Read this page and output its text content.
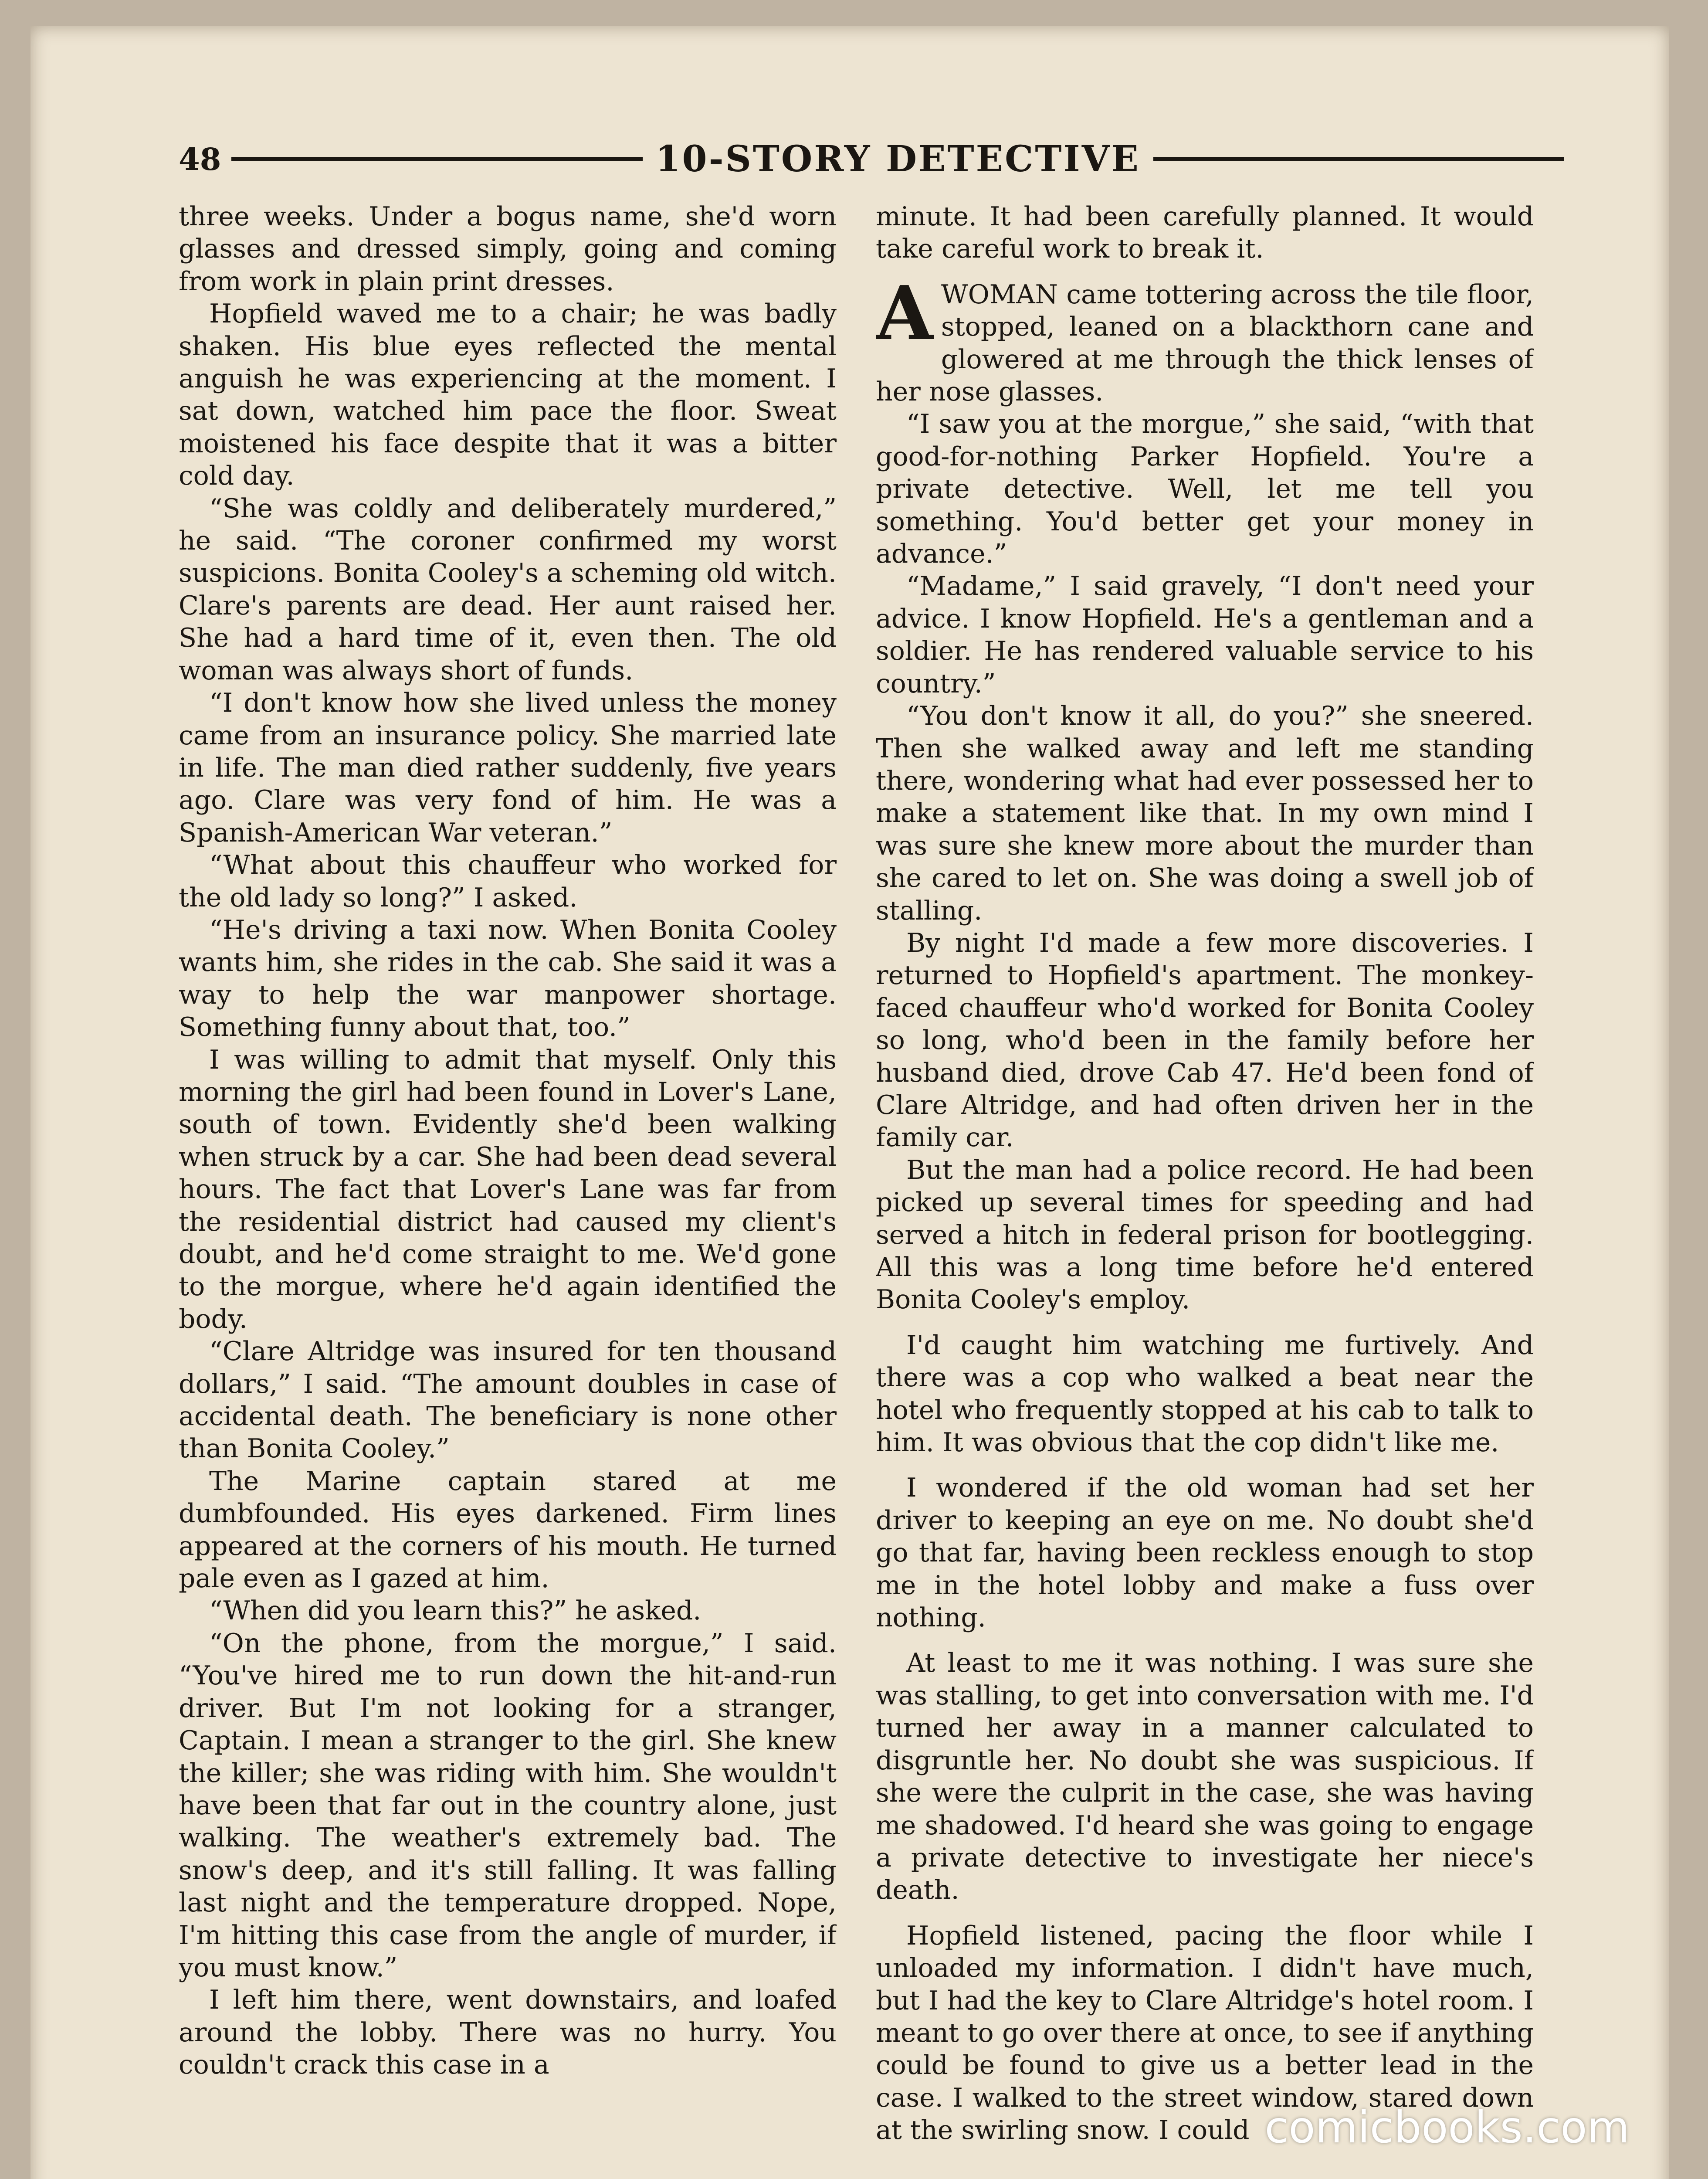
48	10-STORY DETECTIVE

three weeks. Under a bogus name, she'd worn glasses and dressed simply, going and coming from work in plain print dresses.

Hopfield waved me to a chair; he was badly shaken. His blue eyes reflected the mental anguish he was experiencing at the moment. I sat down, watched him pace the floor. Sweat moistened his face despite that it was a bitter cold day.

“She was coldly and deliberately murdered,” he said. “The coroner confirmed my worst suspicions. Bonita Cooley's a scheming old witch. Clare's parents are dead. Her aunt raised her. She had a hard time of it, even then. The old woman was always short of funds.

“I don't know how she lived unless the money came from an insurance policy. She married late in life. The man died rather suddenly, five years ago. Clare was very fond of him. He was a Spanish-American War veteran.”

“What about this chauffeur who worked for the old lady so long?” I asked.

“He's driving a taxi now. When Bonita Cooley wants him, she rides in the cab. She said it was a way to help the war manpower shortage. Something funny about that, too.”

I was willing to admit that myself. Only this morning the girl had been found in Lover's Lane, south of town. Evidently she'd been walking when struck by a car. She had been dead several hours. The fact that Lover's Lane was far from the residential district had caused my client's doubt, and he'd come straight to me. We'd gone to the morgue, where he'd again identified the body.

“Clare Altridge was insured for ten thousand dollars,” I said. “The amount doubles in case of accidental death. The beneficiary is none other than Bonita Cooley.”

The Marine captain stared at me dumbfounded. His eyes darkened. Firm lines appeared at the corners of his mouth. He turned pale even as I gazed at him.

“When did you learn this?” he asked.

“On the phone, from the morgue,” I said. “You've hired me to run down the hit-and-run driver. But I'm not looking for a stranger, Captain. I mean a stranger to the girl. She knew the killer; she was riding with him. She wouldn't have been that far out in the country alone, just walking. The weather's extremely bad. The snow's deep, and it's still falling. It was falling last night and the temperature dropped. Nope, I'm hitting this case from the angle of murder, if you must know.”

I left him there, went downstairs, and loafed around the lobby. There was no hurry. You couldn't crack this case in a

minute. It had been carefully planned. It would take careful work to break it.

AWOMAN came tottering across the tile floor, stopped, leaned on a blackthorn cane and glowered at me through the thick lenses of her nose glasses.

“I saw you at the morgue,” she said, “with that good-for-nothing Parker Hopfield. You're a private detective. Well, let me tell you something. You'd better get your money in advance.”

“Madame,” I said gravely, “I don't need your advice. I know Hopfield. He's a gentleman and a soldier. He has rendered valuable service to his country.”

“You don't know it all, do you?” she sneered. Then she walked away and left me standing there, wondering what had ever possessed her to make a statement like that. In my own mind I was sure she knew more about the murder than she cared to let on. She was doing a swell job of stalling.

By night I'd made a few more discoveries. I returned to Hopfield's apartment. The monkey-faced chauffeur who'd worked for Bonita Cooley so long, who'd been in the family before her husband died, drove Cab 47. He'd been fond of Clare Altridge, and had often driven her in the family car.

But the man had a police record. He had been picked up several times for speeding and had served a hitch in federal prison for bootlegging. All this was a long time before he'd entered Bonita Cooley's employ.

I'd caught him watching me furtively. And there was a cop who walked a beat near the hotel who frequently stopped at his cab to talk to him. It was obvious that the cop didn't like me.

I wondered if the old woman had set her driver to keeping an eye on me. No doubt she'd go that far, having been reckless enough to stop me in the hotel lobby and make a fuss over nothing.

At least to me it was nothing. I was sure she was stalling, to get into conversation with me. I'd turned her away in a manner calculated to disgruntle her. No doubt she was suspicious. If she were the culprit in the case, she was having me shadowed. I'd heard she was going to engage a private detective to investigate her niece's death.

Hopfield listened, pacing the floor while I unloaded my information. I didn't have much, but I had the key to Clare Altridge's hotel room. I meant to go over there at once, to see if anything could be found to give us a better lead in the case. I walked to the street window, stared down at the swirling snow. I could comicbooks.com
